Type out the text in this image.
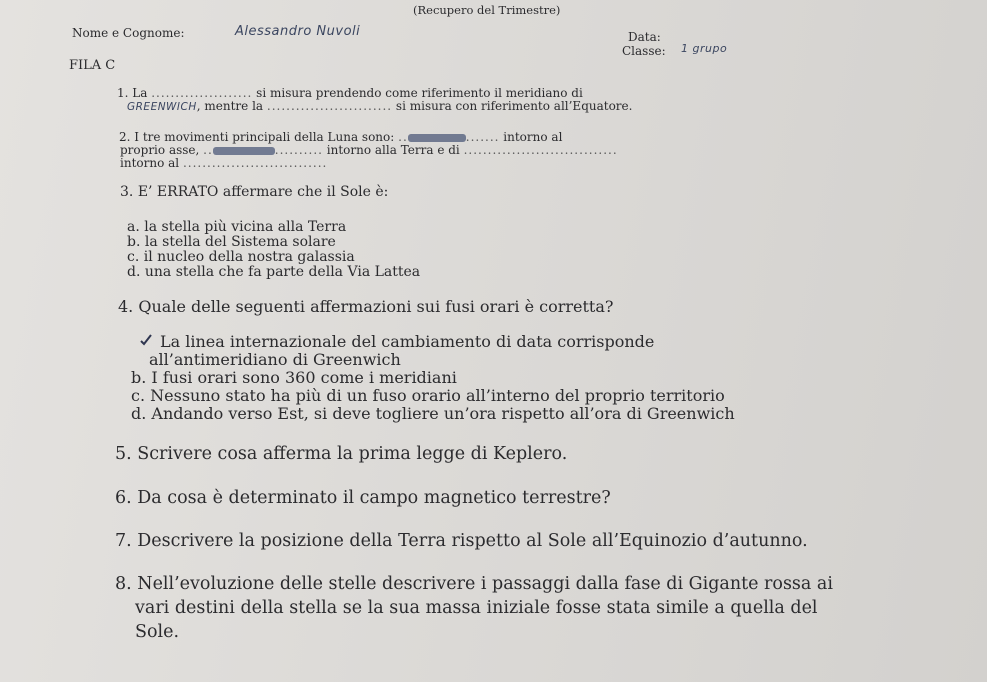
(Recupero del Trimestre)
Nome e Cognome:	Alessandro Nuvoli	Data:
Classe: 1 grupo
FILA C
1. La ..................... si misura prendendo come riferimento il meridiano di
GREENWICH, mentre la .......................... si misura con riferimento all’Equatore.
2. I tre movimenti principali della Luna sono: ..	....... intorno al
proprio asse, ..	.......... intorno alla Terra e di ................................
intorno al ..............................
3. E’ ERRATO affermare che il Sole è:
a. la stella più vicina alla Terra
b. la stella del Sistema solare
c. il nucleo della nostra galassia
d. una stella che fa parte della Via Lattea
4. Quale delle seguenti affermazioni sui fusi orari è corretta?
La linea internazionale del cambiamento di data corrisponde
all’antimeridiano di Greenwich
b. I fusi orari sono 360 come i meridiani
c. Nessuno stato ha più di un fuso orario all’interno del proprio territorio
d. Andando verso Est, si deve togliere un’ora rispetto all’ora di Greenwich
5. Scrivere cosa afferma la prima legge di Keplero.
6. Da cosa è determinato il campo magnetico terrestre?
7. Descrivere la posizione della Terra rispetto al Sole all’Equinozio d’autunno.
8. Nell’evoluzione delle stelle descrivere i passaggi dalla fase di Gigante rossa ai
vari destini della stella se la sua massa iniziale fosse stata simile a quella del
Sole.
